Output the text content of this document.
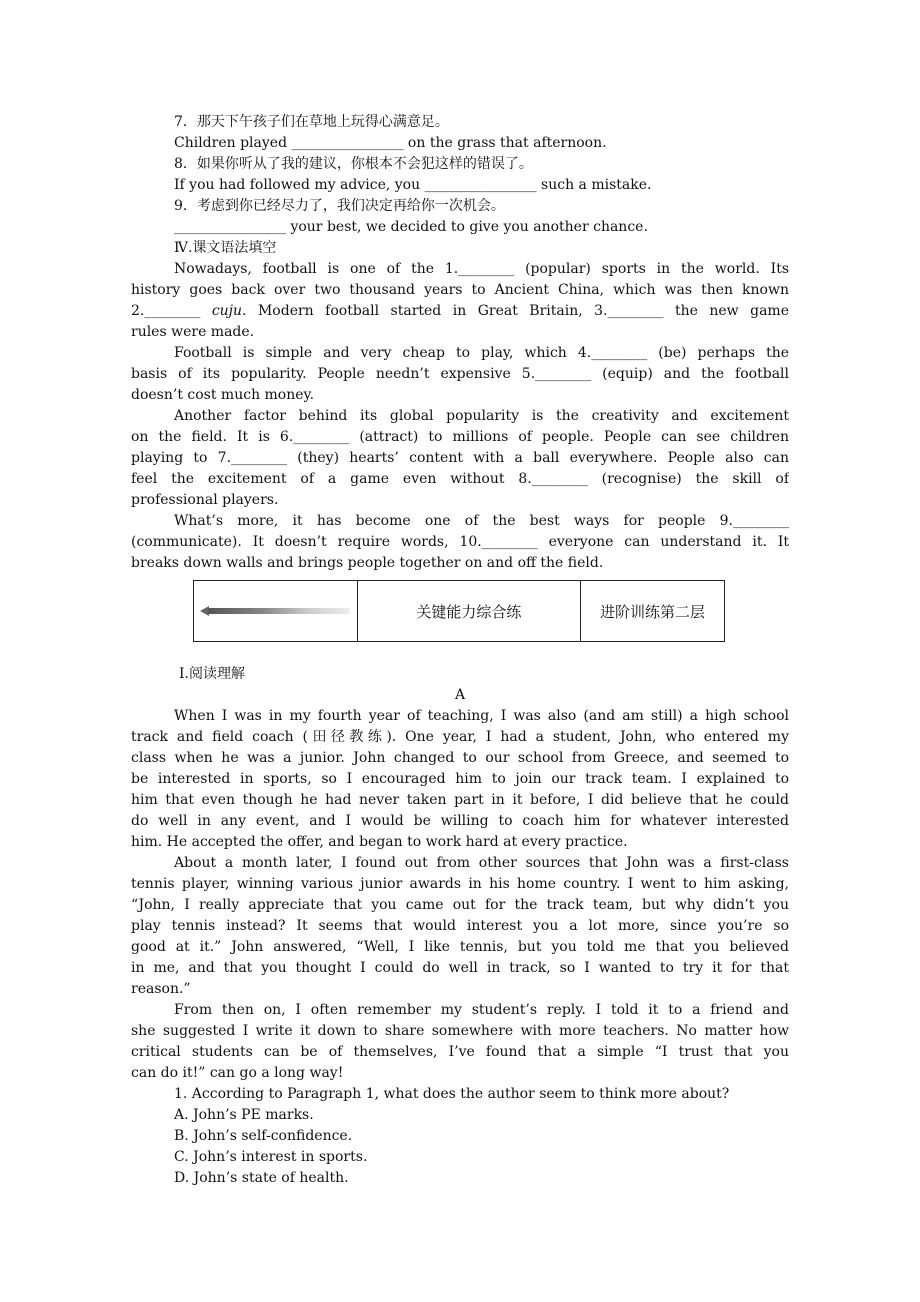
7．那天下午孩子们在草地上玩得心满意足。
Children played ________________ on the grass that afternoon.
8．如果你听从了我的建议，你根本不会犯这样的错误了。
If you had followed my advice, you ________________ such a mistake.
9．考虑到你已经尽力了，我们决定再给你一次机会。
________________ your best, we decided to give you another chance.
Ⅳ.课文语法填空
Nowadays, football is one of the 1.________ (popular) sports in the world. Its
history goes back over two thousand years to Ancient China, which was then known
2.________ cuju. Modern football started in Great Britain, 3.________ the new game
rules were made.
Football is simple and very cheap to play, which 4.________ (be) perhaps the
basis of its popularity. People needn’t expensive 5.________ (equip) and the football
doesn’t cost much money.
Another factor behind its global popularity is the creativity and excitement
on the field. It is 6.________ (attract) to millions of people. People can see children
playing to 7.________ (they) hearts’ content with a ball everywhere. People also can
feel the excitement of a game even without 8.________ (recognise) the skill of
professional players.
What’s more, it has become one of the best ways for people 9.________
(communicate). It doesn’t require words, 10.________ everyone can understand it. It
breaks down walls and brings people together on and off the field.
关键能力综合练	进阶训练第二层
Ⅰ.阅读理解
A
When I was in my fourth year of teaching, I was also (and am still) a high school
track and field coach (田径教练). One year, I had a student, John, who entered my
class when he was a junior. John changed to our school from Greece, and seemed to
be interested in sports, so I encouraged him to join our track team. I explained to
him that even though he had never taken part in it before, I did believe that he could
do well in any event, and I would be willing to coach him for whatever interested
him. He accepted the offer, and began to work hard at every practice.
About a month later, I found out from other sources that John was a first-class
tennis player, winning various junior awards in his home country. I went to him asking,
“John, I really appreciate that you came out for the track team, but why didn’t you
play tennis instead? It seems that would interest you a lot more, since you’re so
good at it.” John answered, “Well, I like tennis, but you told me that you believed
in me, and that you thought I could do well in track, so I wanted to try it for that
reason.”
From then on, I often remember my student’s reply. I told it to a friend and
she suggested I write it down to share somewhere with more teachers. No matter how
critical students can be of themselves, I’ve found that a simple “I trust that you
can do it!” can go a long way!
1. According to Paragraph 1, what does the author seem to think more about?
A. John’s PE marks.
B. John’s self-confidence.
C. John’s interest in sports.
D. John’s state of health.
